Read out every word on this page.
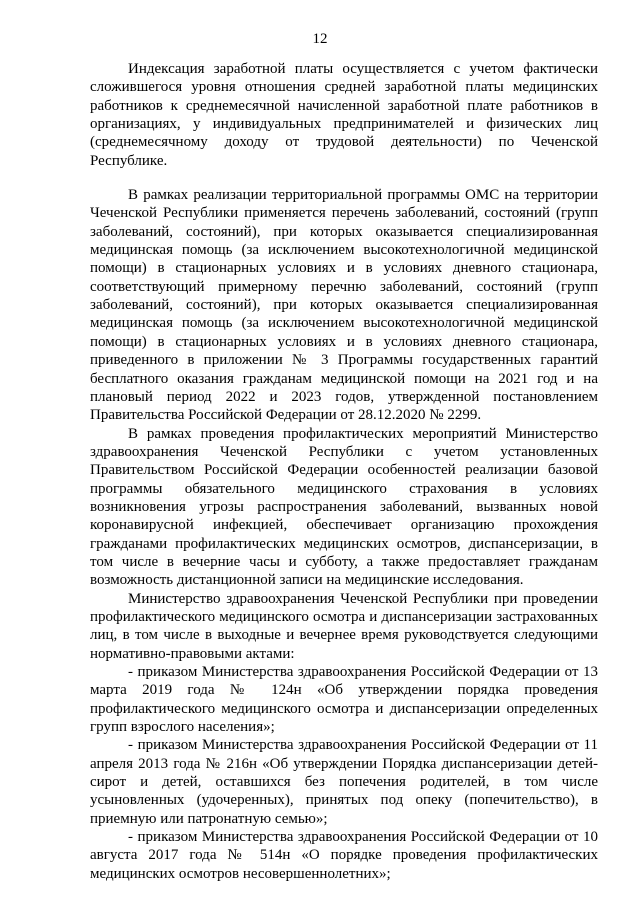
12

Индексация заработной платы осуществляется с учетом фактически сложившегося уровня отношения средней заработной платы медицинских работников к среднемесячной начисленной заработной плате работников в организациях, у индивидуальных предпринимателей и физических лиц (среднемесячному доходу от трудовой деятельности) по Чеченской Республике.

В рамках реализации территориальной программы ОМС на территории Чеченской Республики применяется перечень заболеваний, состояний (групп заболеваний, состояний), при которых оказывается специализированная медицинская помощь (за исключением высокотехнологичной медицинской помощи) в стационарных условиях и в условиях дневного стационара, соответствующий примерному перечню заболеваний, состояний (групп заболеваний, состояний), при которых оказывается специализированная медицинская помощь (за исключением высокотехнологичной медицинской помощи) в стационарных условиях и в условиях дневного стационара, приведенного в приложении № 3 Программы государственных гарантий бесплатного оказания гражданам медицинской помощи на 2021 год и на плановый период 2022 и 2023 годов, утвержденной постановлением Правительства Российской Федерации от 28.12.2020 № 2299.

В рамках проведения профилактических мероприятий Министерство здравоохранения Чеченской Республики с учетом установленных Правительством Российской Федерации особенностей реализации базовой программы обязательного медицинского страхования в условиях возникновения угрозы распространения заболеваний, вызванных новой коронавирусной инфекцией, обеспечивает организацию прохождения гражданами профилактических медицинских осмотров, диспансеризации, в том числе в вечерние часы и субботу, а также предоставляет гражданам возможность дистанционной записи на медицинские исследования.

Министерство здравоохранения Чеченской Республики при проведении профилактического медицинского осмотра и диспансеризации застрахованных лиц, в том числе в выходные и вечернее время руководствуется следующими нормативно-правовыми актами:

- приказом Министерства здравоохранения Российской Федерации от 13 марта 2019 года № 124н «Об утверждении порядка проведения профилактического медицинского осмотра и диспансеризации определенных групп взрослого населения»;

- приказом Министерства здравоохранения Российской Федерации от 11 апреля 2013 года № 216н «Об утверждении Порядка диспансеризации детей-сирот и детей, оставшихся без попечения родителей, в том числе усыновленных (удочеренных), принятых под опеку (попечительство), в приемную или патронатную семью»;

- приказом Министерства здравоохранения Российской Федерации от 10 августа 2017 года № 514н «О порядке проведения профилактических медицинских осмотров несовершеннолетних»;
